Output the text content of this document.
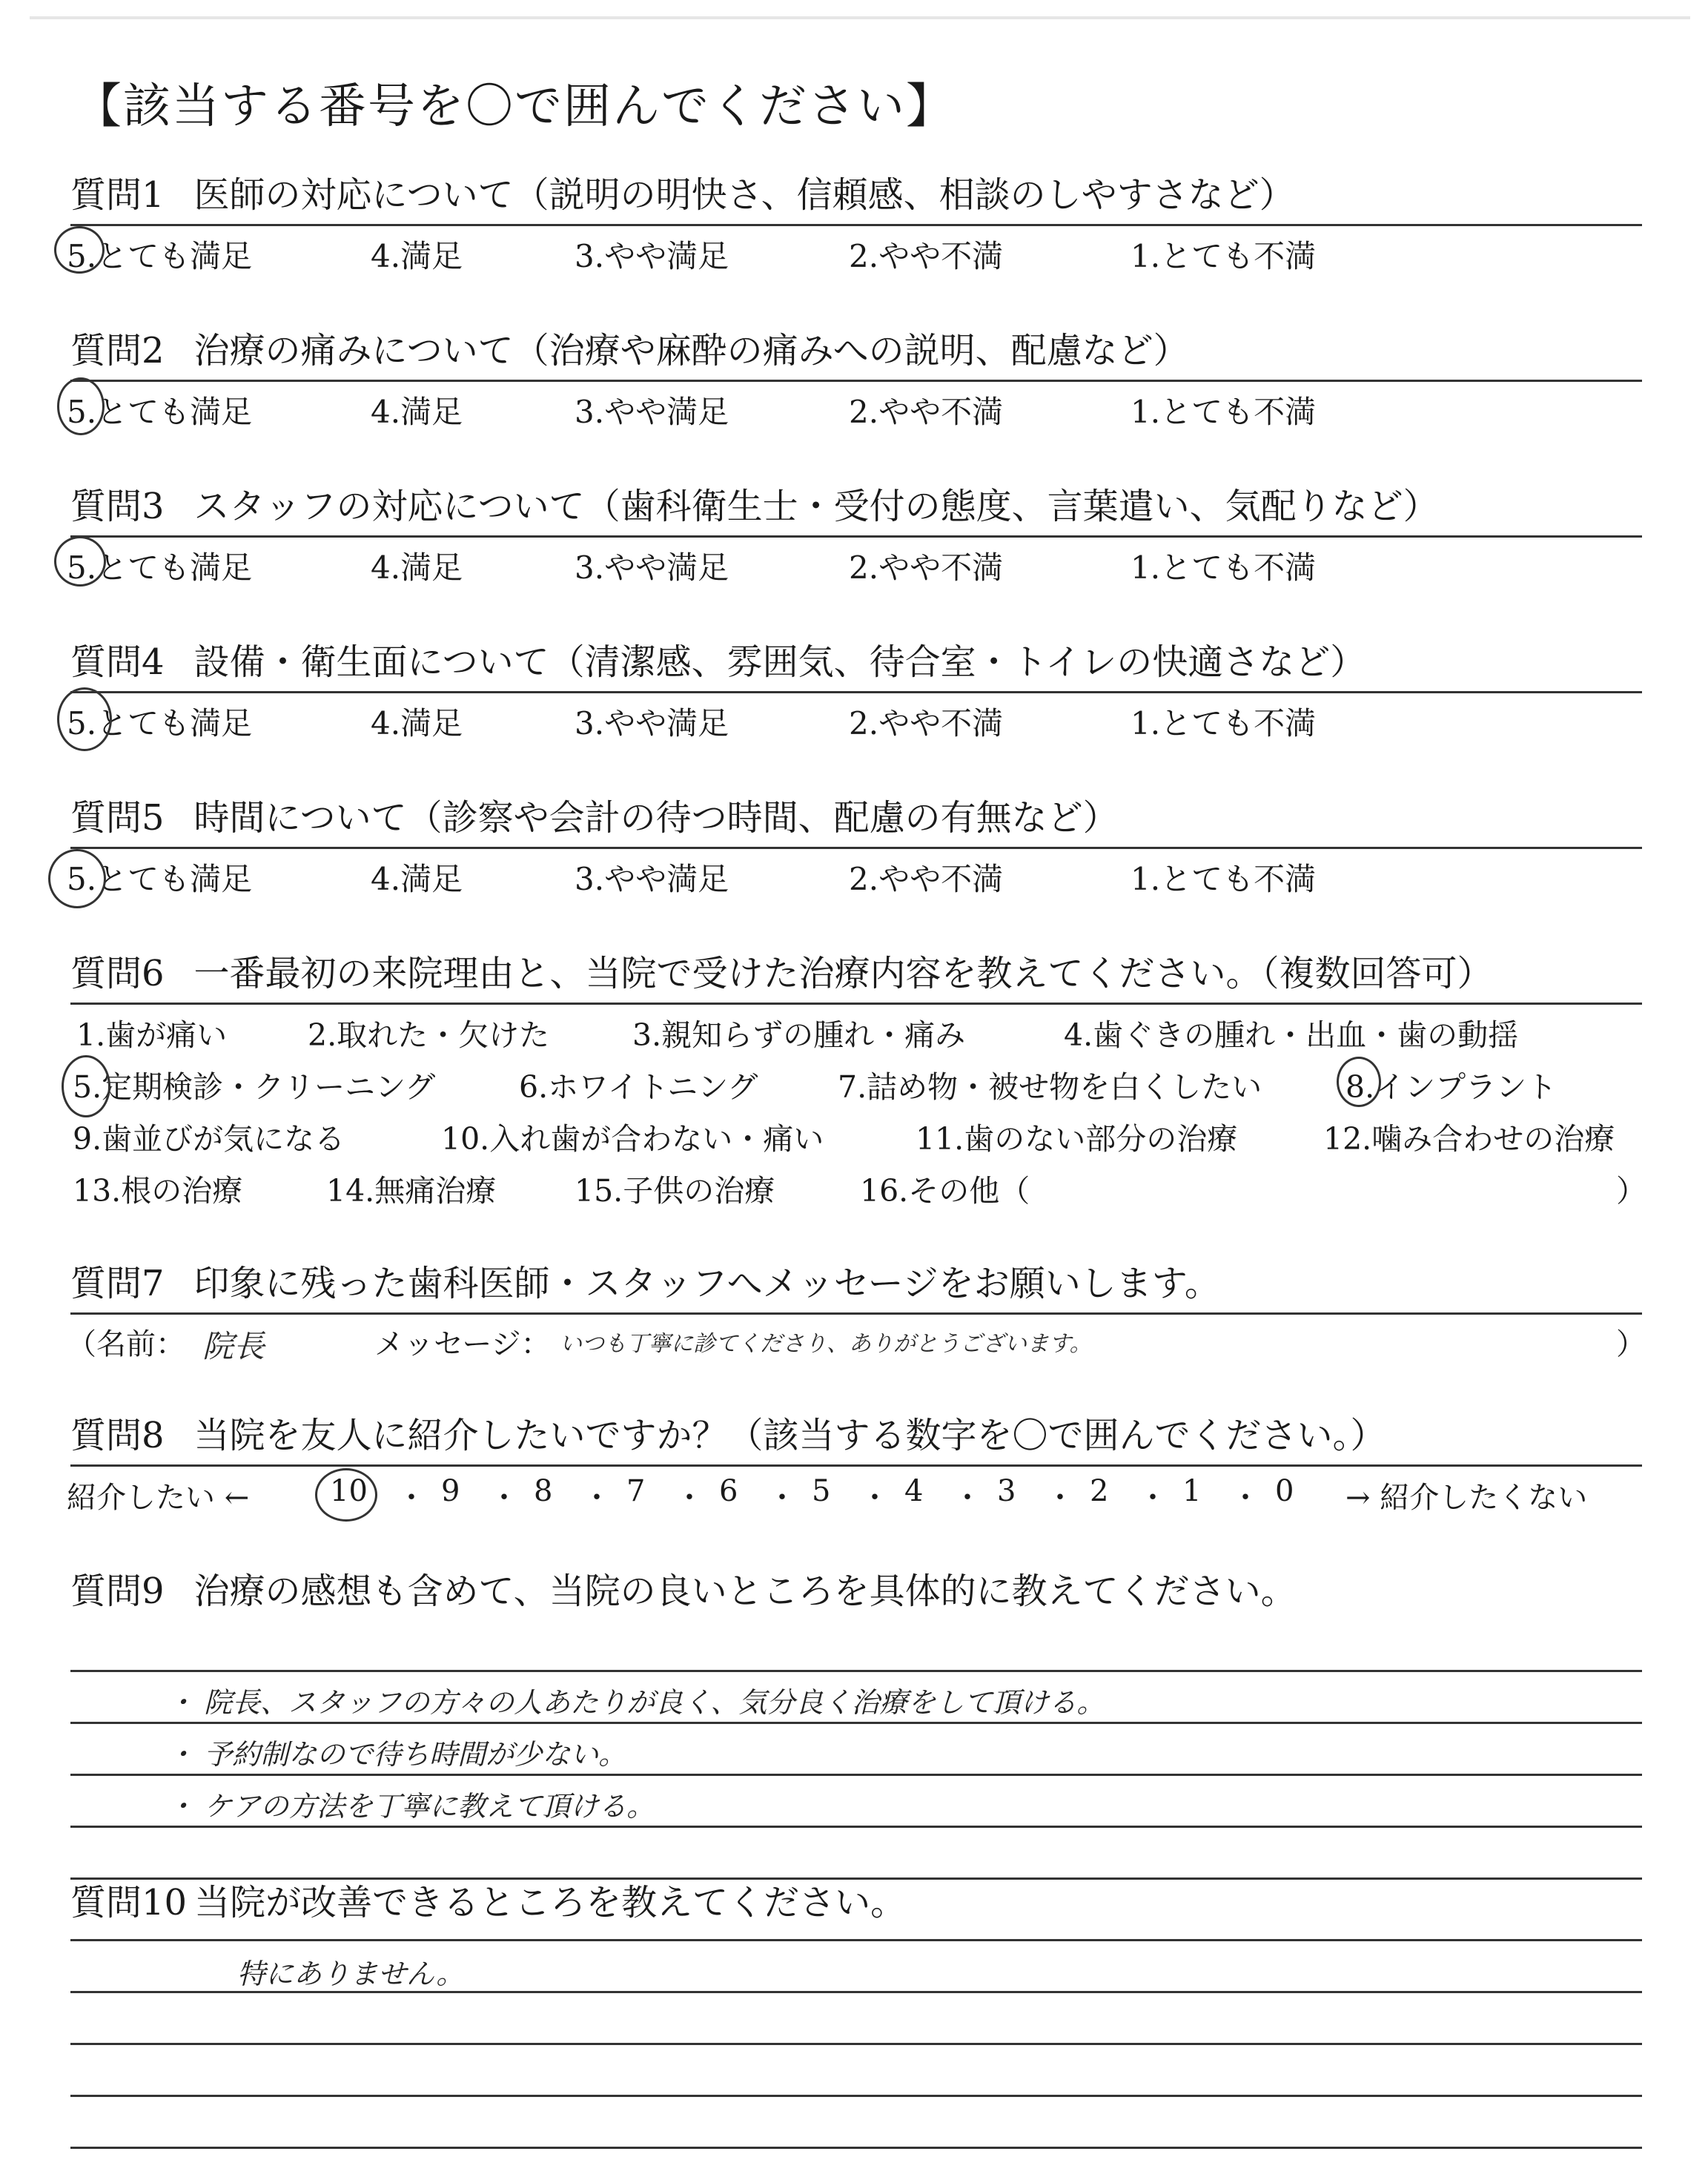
【該当する番号を〇で囲んでください】
質問1 医師の対応について（説明の明快さ、信頼感、相談のしやすさなど）
5.とても満足	4.満足	3.やや満足	2.やや不満	1.とても不満
質問2 治療の痛みについて（治療や麻酔の痛みへの説明、配慮など）
5.とても満足	4.満足	3.やや満足	2.やや不満	1.とても不満
質問3 スタッフの対応について（歯科衛生士・受付の態度、言葉遣い、気配りなど）
5.とても満足	4.満足	3.やや満足	2.やや不満	1.とても不満
質問4 設備・衛生面について（清潔感、雰囲気、待合室・トイレの快適さなど）
5.とても満足	4.満足	3.やや満足	2.やや不満	1.とても不満
質問5 時間について（診察や会計の待つ時間、配慮の有無など）
5.とても満足	4.満足	3.やや満足	2.やや不満	1.とても不満
質問6 一番最初の来院理由と、当院で受けた治療内容を教えてください。（複数回答可）
1.歯が痛い	2.取れた・欠けた	3.親知らずの腫れ・痛み	4.歯ぐきの腫れ・出血・歯の動揺
5.定期検診・クリーニング	6.ホワイトニング	7.詰め物・被せ物を白くしたい	8.インプラント
9.歯並びが気になる	10.入れ歯が合わない・痛い	11.歯のない部分の治療	12.噛み合わせの治療
13.根の治療	14.無痛治療	15.子供の治療	16.その他（	）
質問7 印象に残った歯科医師・スタッフへメッセージをお願いします。
（名前： 院長	メッセージ： いつも丁寧に診てくださり、ありがとうございます。	）
質問8 当院を友人に紹介したいですか？（該当する数字を〇で囲んでください。）
紹介したい ←	10 ・ 9 ・ 8 ・ 7 ・ 6 ・ 5 ・ 4 ・ 3 ・ 2 ・ 1 ・ 0 → 紹介したくない
質問9 治療の感想も含めて、当院の良いところを具体的に教えてください。
・ 院長、スタッフの方々の人あたりが良く、気分良く治療をして頂ける。
・ 予約制なので待ち時間が少ない。
・ ケアの方法を丁寧に教えて頂ける。
質問10 当院が改善できるところを教えてください。
特にありません。
